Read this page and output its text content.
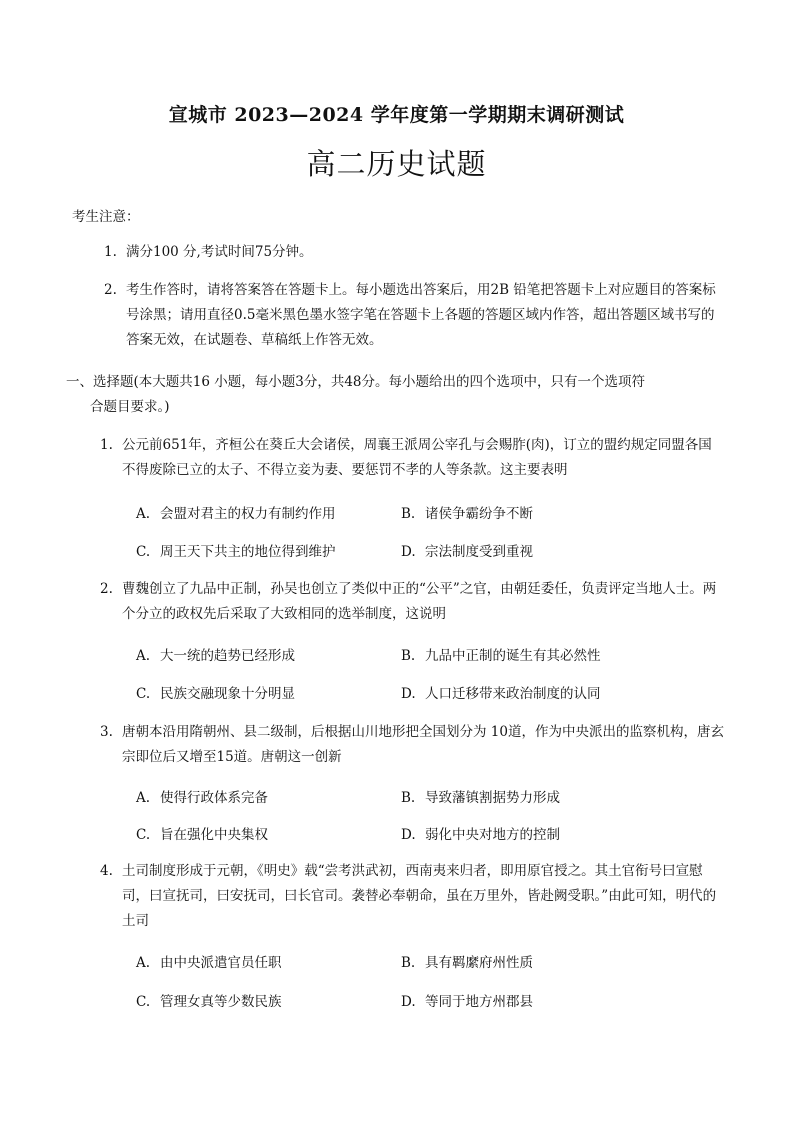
宣城市 2023—2024 学年度第一学期期末调研测试
高二历史试题
考生注意：
1. 满分100 分,考试时间75分钟。
2. 考生作答时，请将答案答在答题卡上。每小题选出答案后，用2B 铅笔把答题卡上对应题目的答案标号涂黑；请用直径0.5毫米黑色墨水签字笔在答题卡上各题的答题区域内作答，超出答题区域书写的答案无效，在试题卷、草稿纸上作答无效。
一、选择题(本大题共16 小题，每小题3分，共48分。每小题给出的四个选项中，只有一个选项符
合题目要求。)
1. 公元前651年，齐桓公在葵丘大会诸侯，周襄王派周公宰孔与会赐胙(肉)，订立的盟约规定同盟各国不得废除已立的太子、不得立妾为妻、要惩罚不孝的人等条款。这主要表明
A. 会盟对君主的权力有制约作用	B. 诸侯争霸纷争不断
C. 周王天下共主的地位得到维护	D. 宗法制度受到重视
2. 曹魏创立了九品中正制，孙吴也创立了类似中正的“公平”之官，由朝廷委任，负责评定当地人士。两个分立的政权先后采取了大致相同的选举制度，这说明
A. 大一统的趋势已经形成	B. 九品中正制的诞生有其必然性
C. 民族交融现象十分明显	D. 人口迁移带来政治制度的认同
3. 唐朝本沿用隋朝州、县二级制，后根据山川地形把全国划分为 10道，作为中央派出的监察机构，唐玄宗即位后又增至15道。唐朝这一创新
A. 使得行政体系完备	B. 导致藩镇割据势力形成
C. 旨在强化中央集权	D. 弱化中央对地方的控制
4. 土司制度形成于元朝，《明史》载“尝考洪武初，西南夷来归者，即用原官授之。其土官衔号曰宣慰司，曰宣抚司，曰安抚司，曰长官司。袭替必奉朝命，虽在万里外，皆赴阙受职。”由此可知，明代的土司
A. 由中央派遣官员任职	B. 具有羁縻府州性质
C. 管理女真等少数民族	D. 等同于地方州郡县
